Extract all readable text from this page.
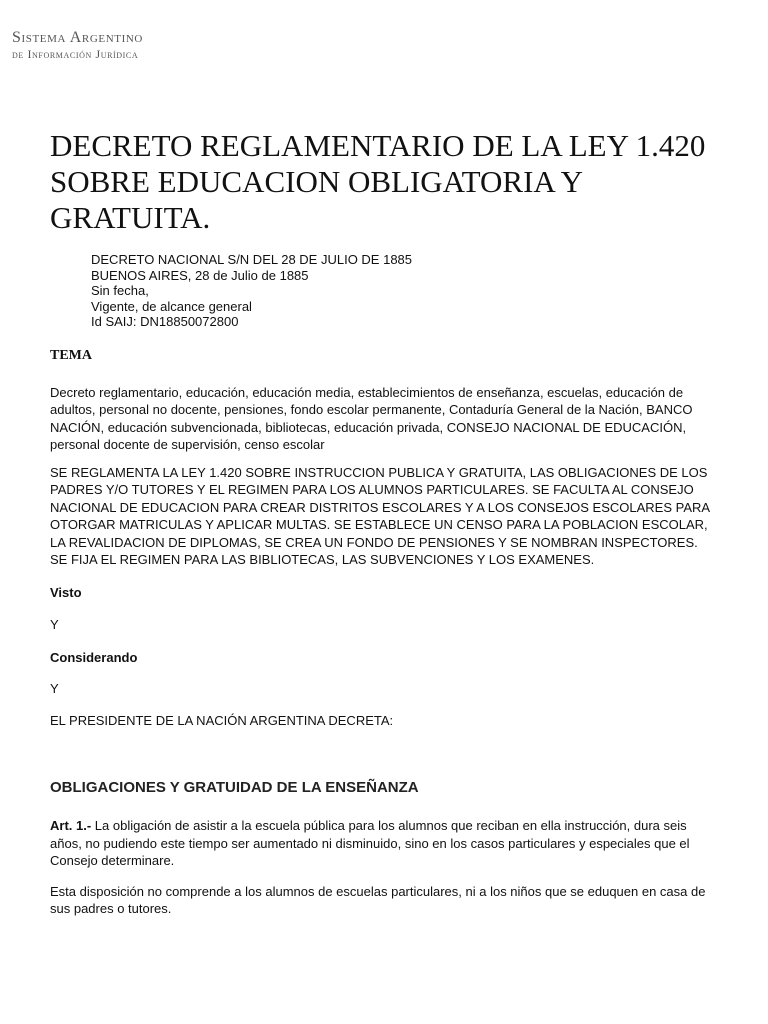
Sistema Argentino
de Información Jurídica
DECRETO REGLAMENTARIO DE LA LEY 1.420 SOBRE EDUCACION OBLIGATORIA Y GRATUITA.
DECRETO NACIONAL S/N DEL 28 DE JULIO DE 1885
BUENOS AIRES, 28 de Julio de 1885
Sin fecha,
Vigente, de alcance general
Id SAIJ: DN18850072800
TEMA

Decreto reglamentario, educación, educación media, establecimientos de enseñanza, escuelas, educación de adultos, personal no docente, pensiones, fondo escolar permanente, Contaduría General de la Nación, BANCO NACIÓN, educación subvencionada, bibliotecas, educación privada, CONSEJO NACIONAL DE EDUCACIÓN, personal docente de supervisión, censo escolar

SE REGLAMENTA LA LEY 1.420 SOBRE INSTRUCCION PUBLICA Y GRATUITA, LAS OBLIGACIONES DE LOS PADRES Y/O TUTORES Y EL REGIMEN PARA LOS ALUMNOS PARTICULARES. SE FACULTA AL CONSEJO NACIONAL DE EDUCACION PARA CREAR DISTRITOS ESCOLARES Y A LOS CONSEJOS ESCOLARES PARA OTORGAR MATRICULAS Y APLICAR MULTAS. SE ESTABLECE UN CENSO PARA LA POBLACION ESCOLAR, LA REVALIDACION DE DIPLOMAS, SE CREA UN FONDO DE PENSIONES Y SE NOMBRAN INSPECTORES. SE FIJA EL REGIMEN PARA LAS BIBLIOTECAS, LAS SUBVENCIONES Y LOS EXAMENES.

Visto

Y

Considerando

Y

EL PRESIDENTE DE LA NACIÓN ARGENTINA DECRETA:

OBLIGACIONES Y GRATUIDAD DE LA ENSEÑANZA

Art. 1.- La obligación de asistir a la escuela pública para los alumnos que reciban en ella instrucción, dura seis años, no pudiendo este tiempo ser aumentado ni disminuido, sino en los casos particulares y especiales que el Consejo determinare.

Esta disposición no comprende a los alumnos de escuelas particulares, ni a los niños que se eduquen en casa de sus padres o tutores.
